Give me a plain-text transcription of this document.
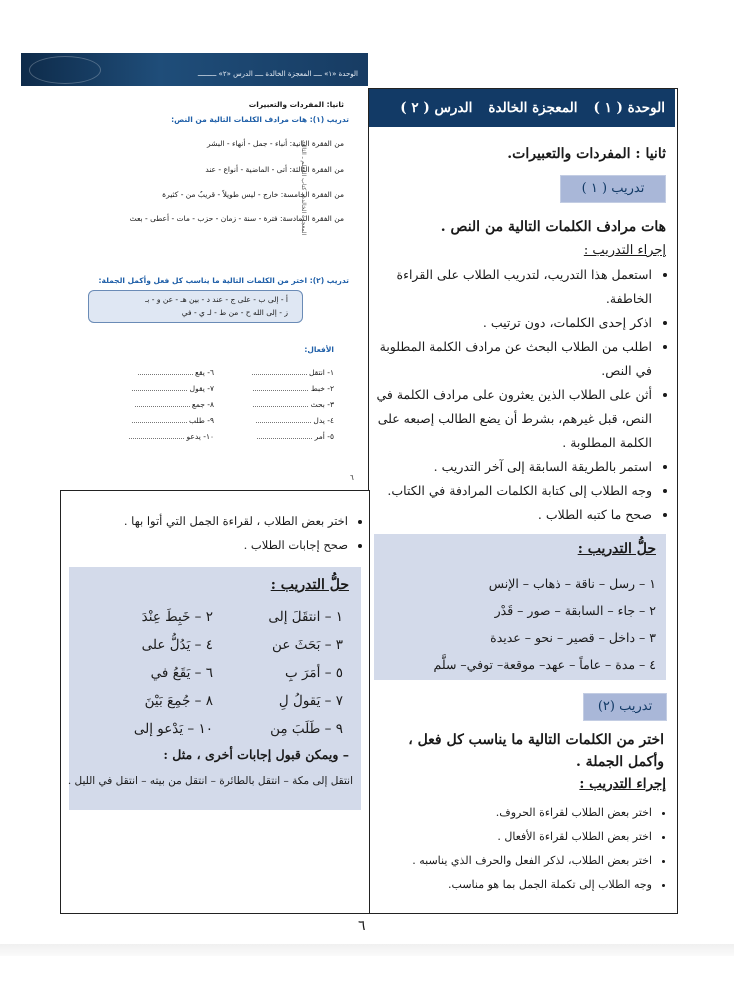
الوحدة «١» ــــ المعجزة الخالدة ــــ الدرس «٢» ـــــــــ
ثانيا: المفردات والتعبيرات
تدريب (١): هات مرادف الكلمات التالية من النص:
من الفقرة الثانية: أنباء - جمل - أنهاء - البشر
من الفقرة الثالثة: أتى - الماضية - أنواع - عند
من الفقرة الخامسة: خارج - ليس طويلاً - قريبٌ من - كثيرة
من الفقرة السادسة: فترة - سنة - زمان - حزب - مات - أعطى - بعث
المعجزة الخالدة ـ كتاب المعلم ـ الثالث
تدريب (٢): اختر من الكلمات التالية ما يناسب كل فعل وأكمل الجملة:
أ - إلى ب - على ج - عند د - بين هـ - عن و - بـ
ز - إلى الله ح - من ط - لـ ي - في
الأفعال:
١- انتقل
٢- خبط
٣- بحث
٤- يدل
٥- أمر
٦- يقع
٧- يقول
٨- جمع
٩- طلب
١٠- يدعو
٦
الوحدة ( ١ )
المعجزة الخالدة
الدرس ( ٢ )
ثانيا : المفردات والتعبيرات.
تدريب ( ١ )
هات مرادف الكلمات التالية من النص .
إجراء التدريب :
• استعمل هذا التدريب، لتدريب الطلاب على القراءة الخاطفة.
• اذكر إحدى الكلمات، دون ترتيب .
• اطلب من الطلاب البحث عن مرادف الكلمة المطلوبة في النص.
• أثن على الطلاب الذين يعثرون على مرادف الكلمة في النص، قبل غيرهم، بشرط أن يضع الطالب إصبعه على الكلمة المطلوبة .
• استمر بالطريقة السابقة إلى آخر التدريب .
• وجه الطلاب إلى كتابة الكلمات المرادفة في الكتاب.
• صحح ما كتبه الطلاب .
حلُّ التدريب :
١ – رسل – ناقة – ذهاب – الإنس
٢ – جاء – السابقة – صور – قَدْر
٣ – داخل – قصير – نحو – عديدة
٤ – مدة – عاماً – عهد– موقعة– توفي– سلَّم
تدريب (٢)
اختر من الكلمات التالية ما يناسب كل فعل ، وأكمل الجملة .
إجراء التدريب :
• اختر بعض الطلاب لقراءة الحروف.
• اختر بعض الطلاب لقراءة الأفعال .
• اختر بعض الطلاب، لذكر الفعل والحرف الذي يناسبه .
• وجه الطلاب إلى تكملة الجمل بما هو مناسب.
• اختر بعض الطلاب ، لقراءة الجمل التي أتوا بها .
• صحح إجابات الطلاب .
حلُّ التدريب :
١ – انتقَلَ إلى
٢ – خَبِطَ عِنْدَ
٣ – بَحَثَ عن
٤ – يَدُلُّ على
٥ – أمَرَ بِ
٦ – يَقَعُ في
٧ – يَقولُ لِ
٨ – جُمِعَ بَيْنَ
٩ – طَلَبَ مِن
١٠ – يَدْعو إلى
– ويمكن قبول إجابات أخرى ، مثل :
انتقل إلى مكة – انتقل بالطائرة – انتقل من بيته – انتقل في الليل .
٦
